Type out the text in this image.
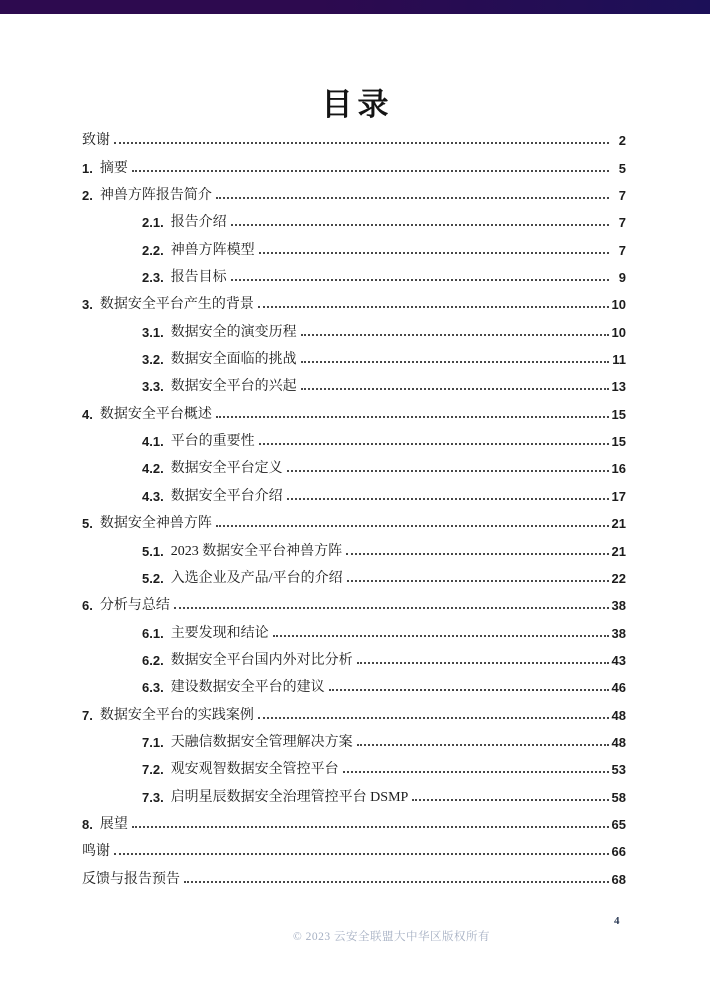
目录
致谢	2
1. 摘要	5
2. 神兽方阵报告简介	7
2.1. 报告介绍	7
2.2. 神兽方阵模型	7
2.3. 报告目标	9
3. 数据安全平台产生的背景	10
3.1. 数据安全的演变历程	10
3.2. 数据安全面临的挑战	11
3.3. 数据安全平台的兴起	13
4. 数据安全平台概述	15
4.1. 平台的重要性	15
4.2. 数据安全平台定义	16
4.3. 数据安全平台介绍	17
5. 数据安全神兽方阵	21
5.1. 2023 数据安全平台神兽方阵	21
5.2. 入选企业及产品/平台的介绍	22
6. 分析与总结	38
6.1. 主要发现和结论	38
6.2. 数据安全平台国内外对比分析	43
6.3. 建设数据安全平台的建议	46
7. 数据安全平台的实践案例	48
7.1. 天融信数据安全管理解决方案	48
7.2. 观安观智数据安全管控平台	53
7.3. 启明星辰数据安全治理管控平台 DSMP	58
8. 展望	65
鸣谢	66
反馈与报告预告	68
© 2023 云安全联盟大中华区版权所有
4
